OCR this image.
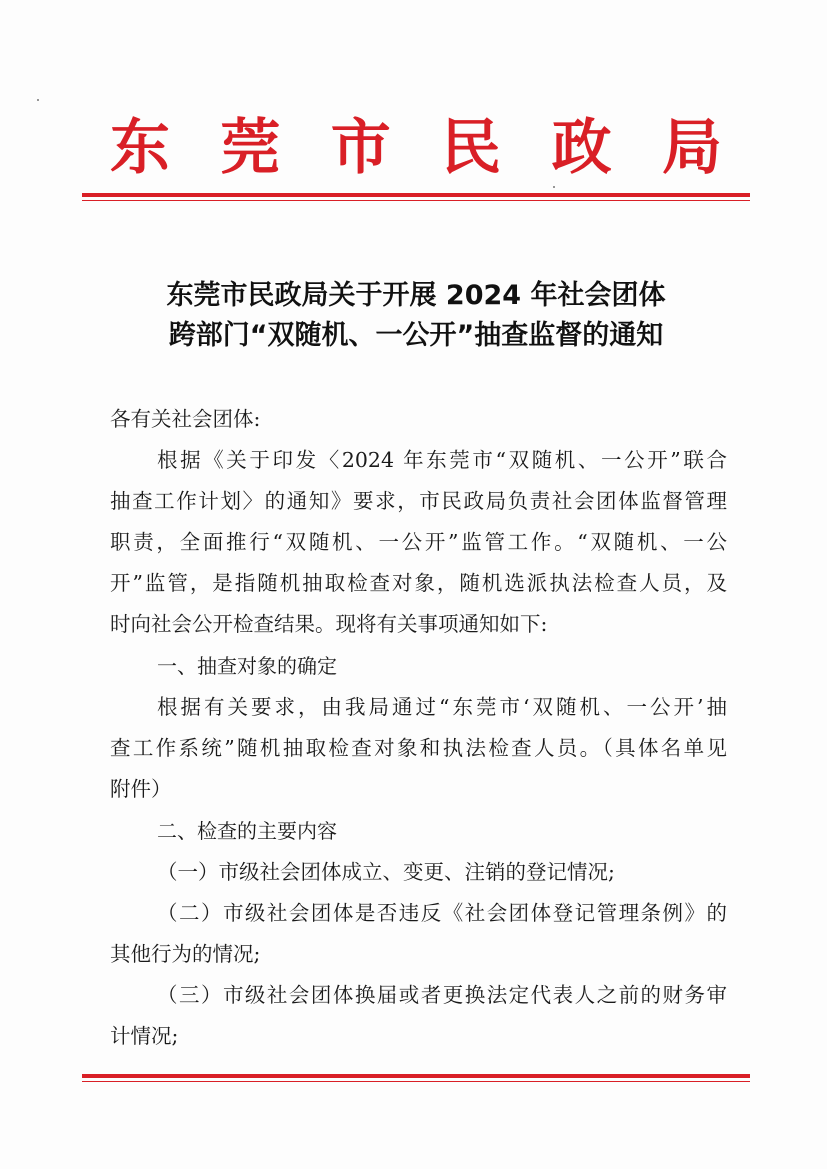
东 莞 市 民 政 局
东莞市民政局关于开展 2024 年社会团体
跨部门“双随机、一公开”抽查监督的通知
各有关社会团体:
根据《关于印发〈2024 年东莞市“双随机、一公开”联合
抽查工作计划〉的通知》要求，市民政局负责社会团体监督管理
职责，全面推行“双随机、一公开”监管工作。“双随机、一公
开”监管，是指随机抽取检查对象，随机选派执法检查人员，及
时向社会公开检查结果。现将有关事项通知如下:
一、抽查对象的确定
根据有关要求，由我局通过“东莞市‘双随机、一公开’抽
查工作系统”随机抽取检查对象和执法检查人员。（具体名单见
附件）
二、检查的主要内容
（一）市级社会团体成立、变更、注销的登记情况;
（二）市级社会团体是否违反《社会团体登记管理条例》的
其他行为的情况;
（三）市级社会团体换届或者更换法定代表人之前的财务审
计情况;
